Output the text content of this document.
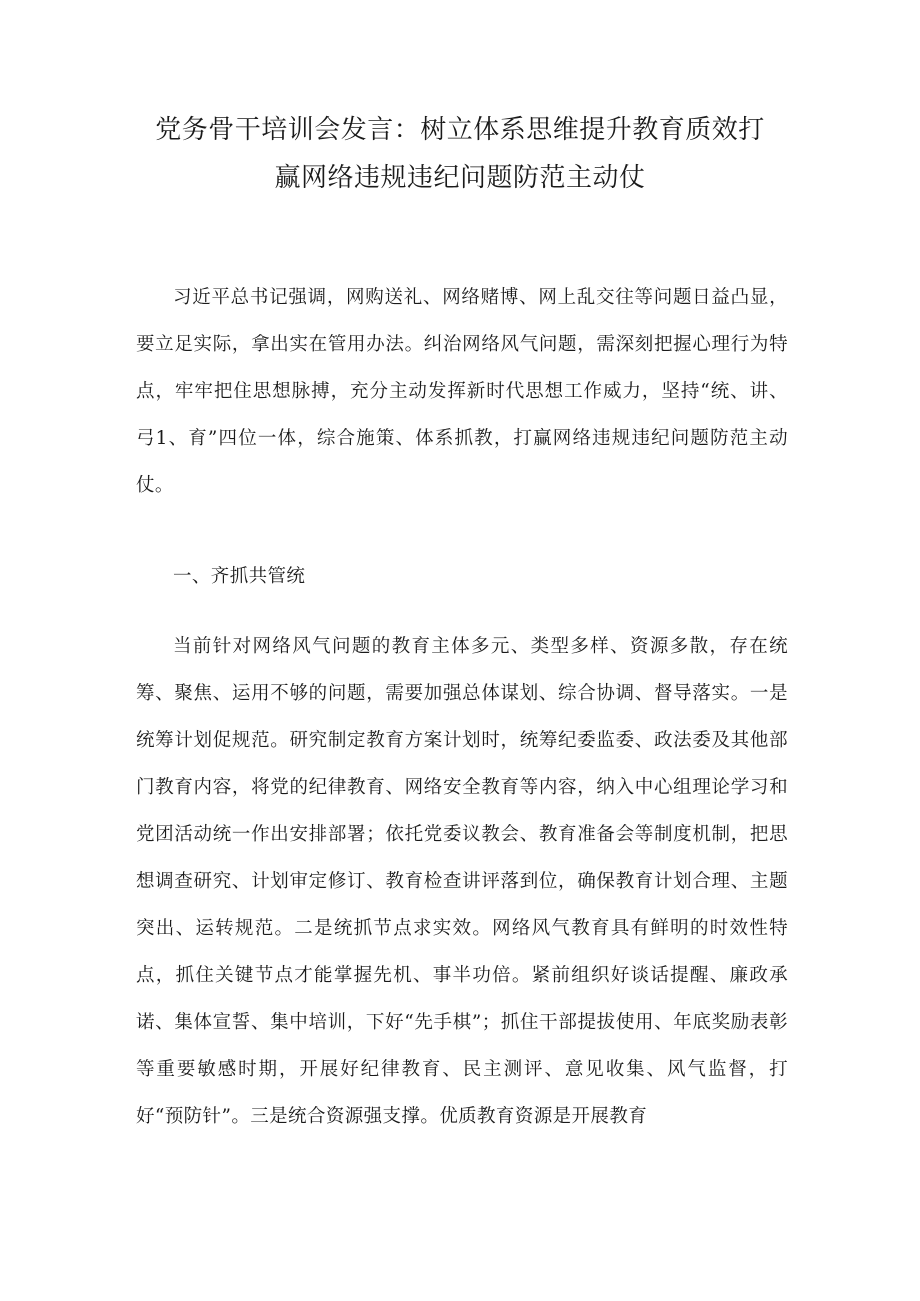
党务骨干培训会发言：树立体系思维提升教育质效打
赢网络违规违纪问题防范主动仗

习近平总书记强调，网购送礼、网络赌博、网上乱交往等问题日益凸显，要立足实际，拿出实在管用办法。纠治网络风气问题，需深刻把握心理行为特点，牢牢把住思想脉搏，充分主动发挥新时代思想工作威力，坚持“统、讲、弓1、育”四位一体，综合施策、体系抓教，打赢网络违规违纪问题防范主动仗。

一、齐抓共管统

当前针对网络风气问题的教育主体多元、类型多样、资源多散，存在统筹、聚焦、运用不够的问题，需要加强总体谋划、综合协调、督导落实。一是统筹计划促规范。研究制定教育方案计划时，统筹纪委监委、政法委及其他部门教育内容，将党的纪律教育、网络安全教育等内容，纳入中心组理论学习和党团活动统一作出安排部署；依托党委议教会、教育准备会等制度机制，把思想调查研究、计划审定修订、教育检查讲评落到位，确保教育计划合理、主题突出、运转规范。二是统抓节点求实效。网络风气教育具有鲜明的时效性特点，抓住关键节点才能掌握先机、事半功倍。紧前组织好谈话提醒、廉政承诺、集体宣誓、集中培训，下好“先手棋”；抓住干部提拔使用、年底奖励表彰等重要敏感时期，开展好纪律教育、民主测评、意见收集、风气监督，打好“预防针”。三是统合资源强支撑。优质教育资源是开展教育
